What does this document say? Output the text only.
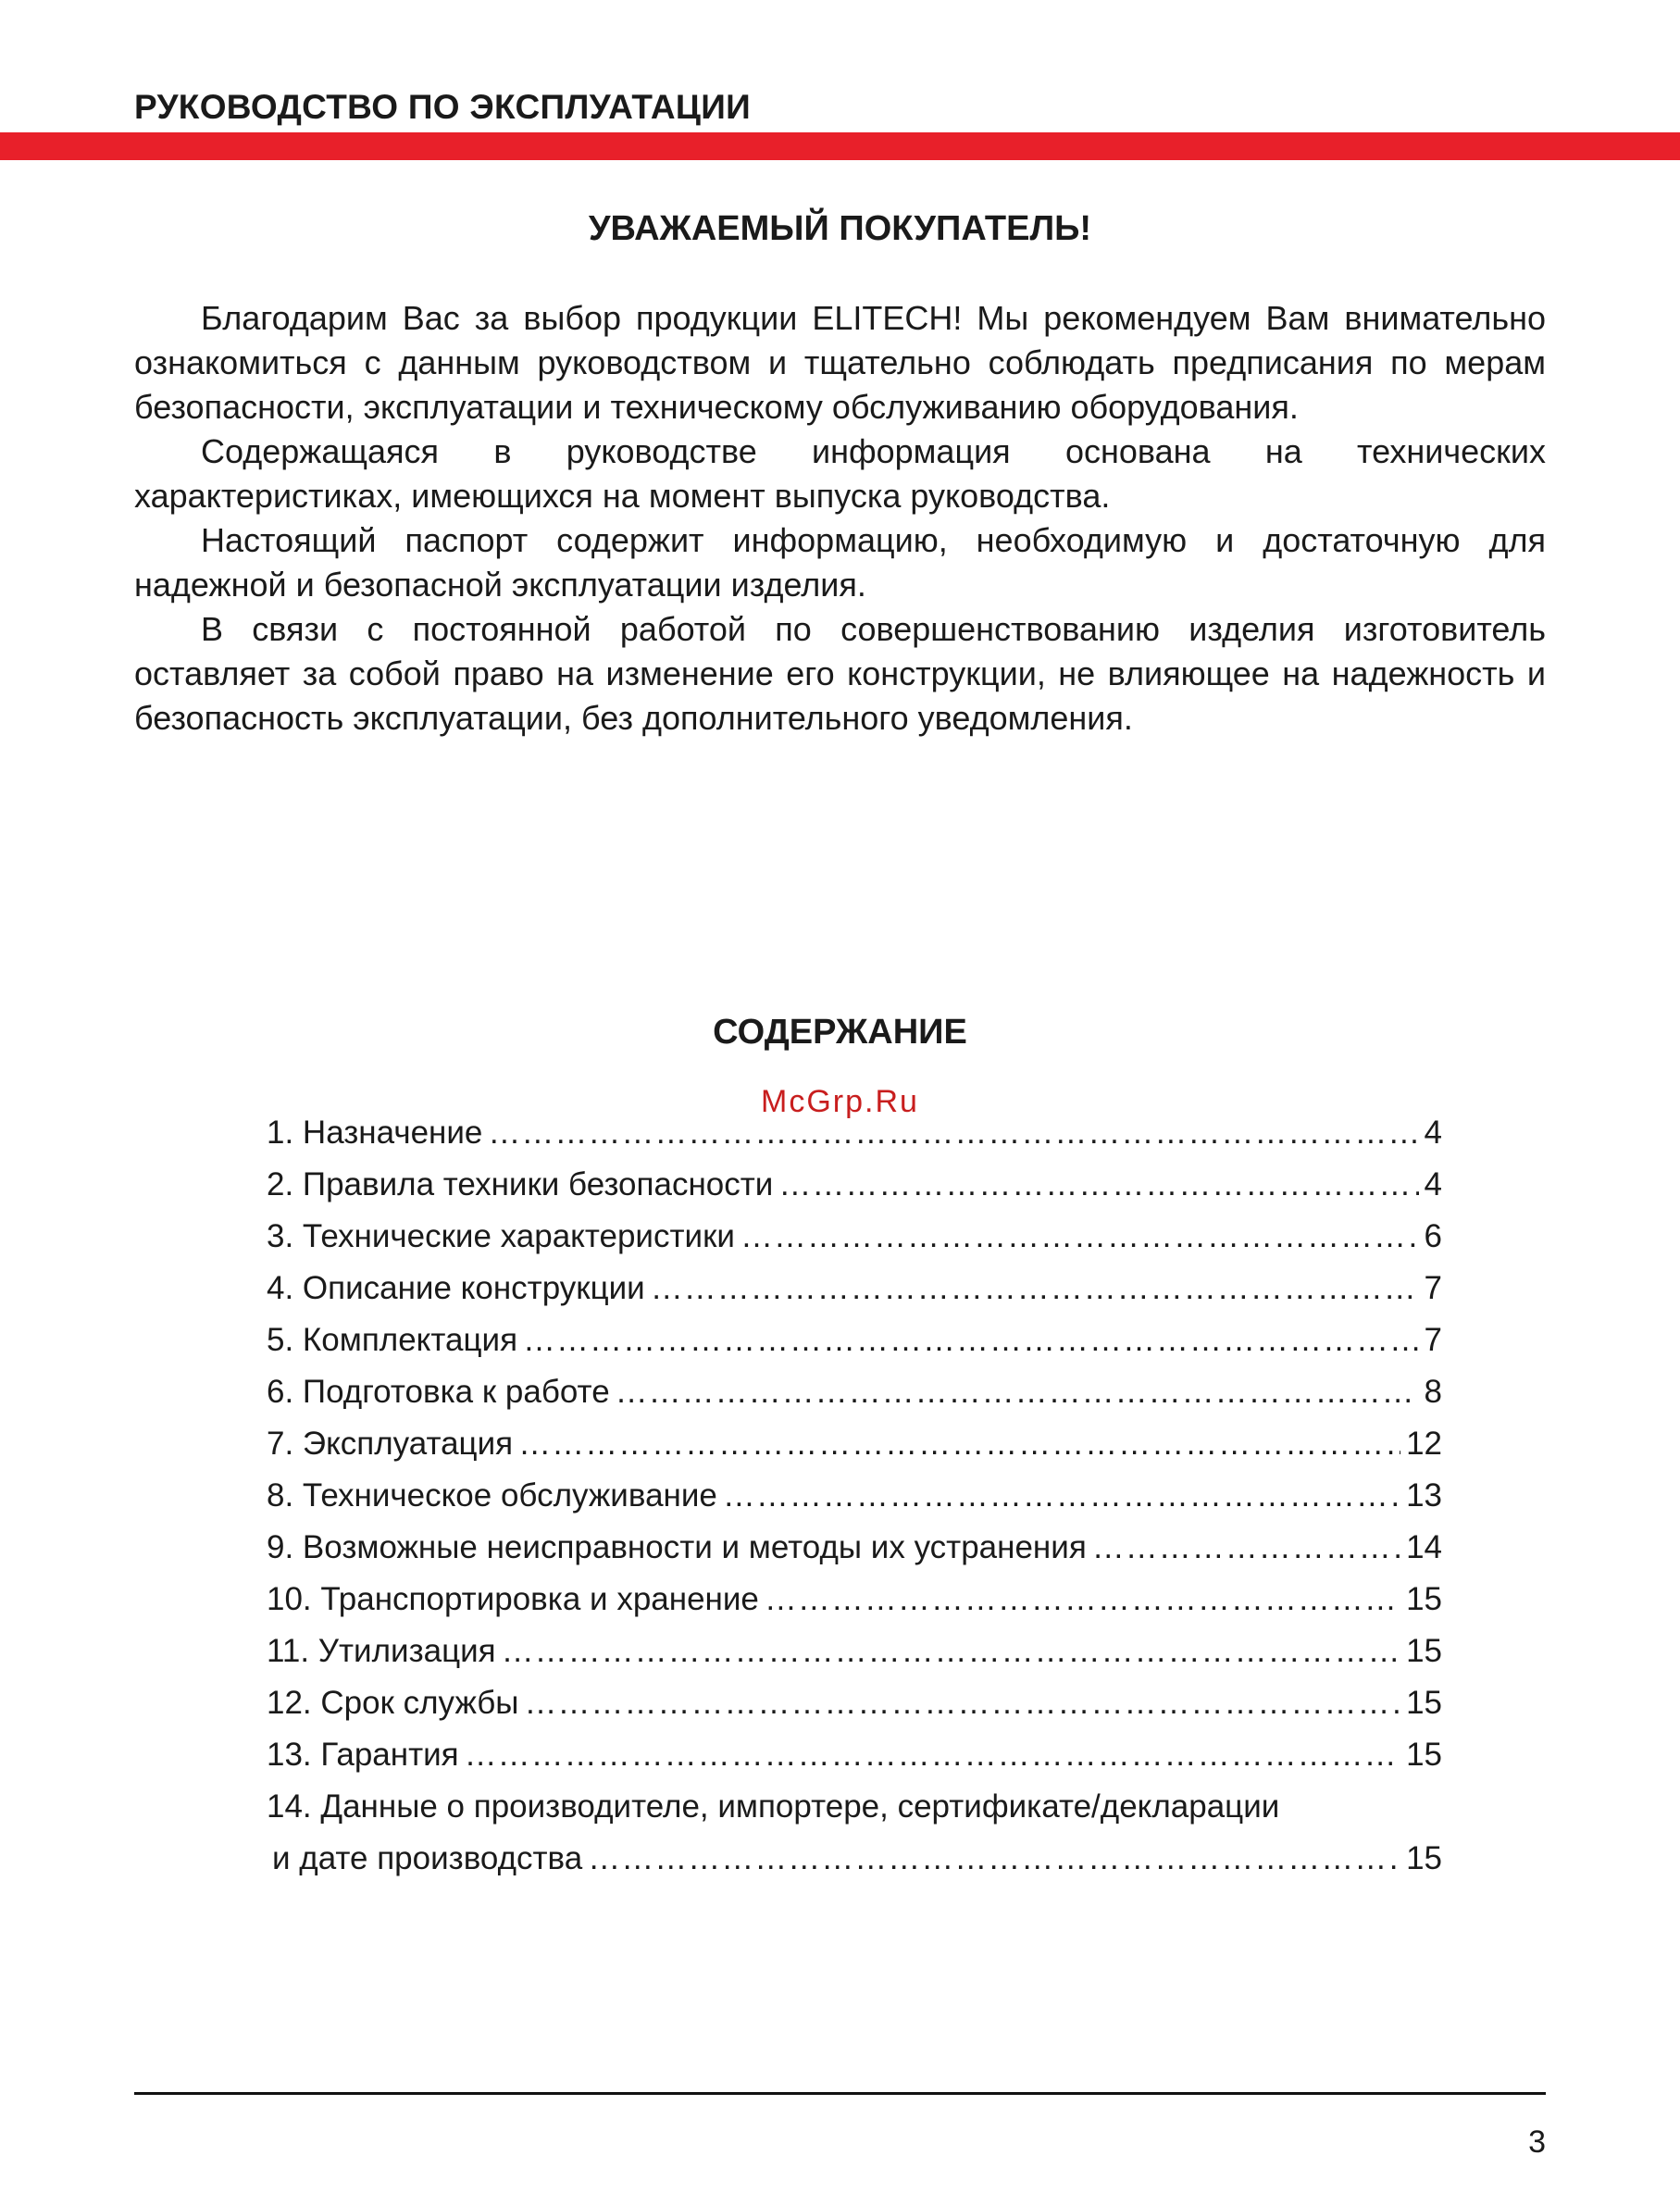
РУКОВОДСТВО ПО ЭКСПЛУАТАЦИИ
УВАЖАЕМЫЙ ПОКУПАТЕЛЬ!

Благодарим Вас за выбор продукции ELITECH! Мы рекомендуем Вам внимательно ознакомиться с данным руководством и тщательно соблюдать предписания по мерам безопасности, эксплуатации и техническому обслуживанию оборудования.

Содержащаяся в руководстве информация основана на технических характеристиках, имеющихся на момент выпуска руководства.

Настоящий паспорт содержит информацию, необходимую и достаточную для надежной и безопасной эксплуатации изделия.

В связи с постоянной работой по совершенствованию изделия изготовитель оставляет за собой право на изменение его конструкции, не влияющее на надежность и безопасность эксплуатации, без дополнительного уведомления.

СОДЕРЖАНИЕ
McGrp.Ru
1. Назначение …………………………………………………………………………………………………………………………………………………………………………………………	4
2. Правила техники безопасности …………………………………………………………………………………………………………………………………………………………………………………………	4
3. Технические характеристики …………………………………………………………………………………………………………………………………………………………………………………………	6
4. Описание конструкции …………………………………………………………………………………………………………………………………………………………………………………………	7
5. Комплектация …………………………………………………………………………………………………………………………………………………………………………………………	7
6. Подготовка к работе …………………………………………………………………………………………………………………………………………………………………………………………	8
7. Эксплуатация …………………………………………………………………………………………………………………………………………………………………………………………	12
8. Техническое обслуживание …………………………………………………………………………………………………………………………………………………………………………………………	13
9. Возможные неисправности и методы их устранения …………………………………………………………………………………………………………………………………………………………………………………………	14
10. Транспортировка и хранение …………………………………………………………………………………………………………………………………………………………………………………………	15
11. Утилизация …………………………………………………………………………………………………………………………………………………………………………………………	15
12. Срок службы …………………………………………………………………………………………………………………………………………………………………………………………	15
13. Гарантия …………………………………………………………………………………………………………………………………………………………………………………………	15
14. Данные о производителе, импортере, сертификате/декларации
и дате производства …………………………………………………………………………………………………………………………………………………………………………………………	15
3
